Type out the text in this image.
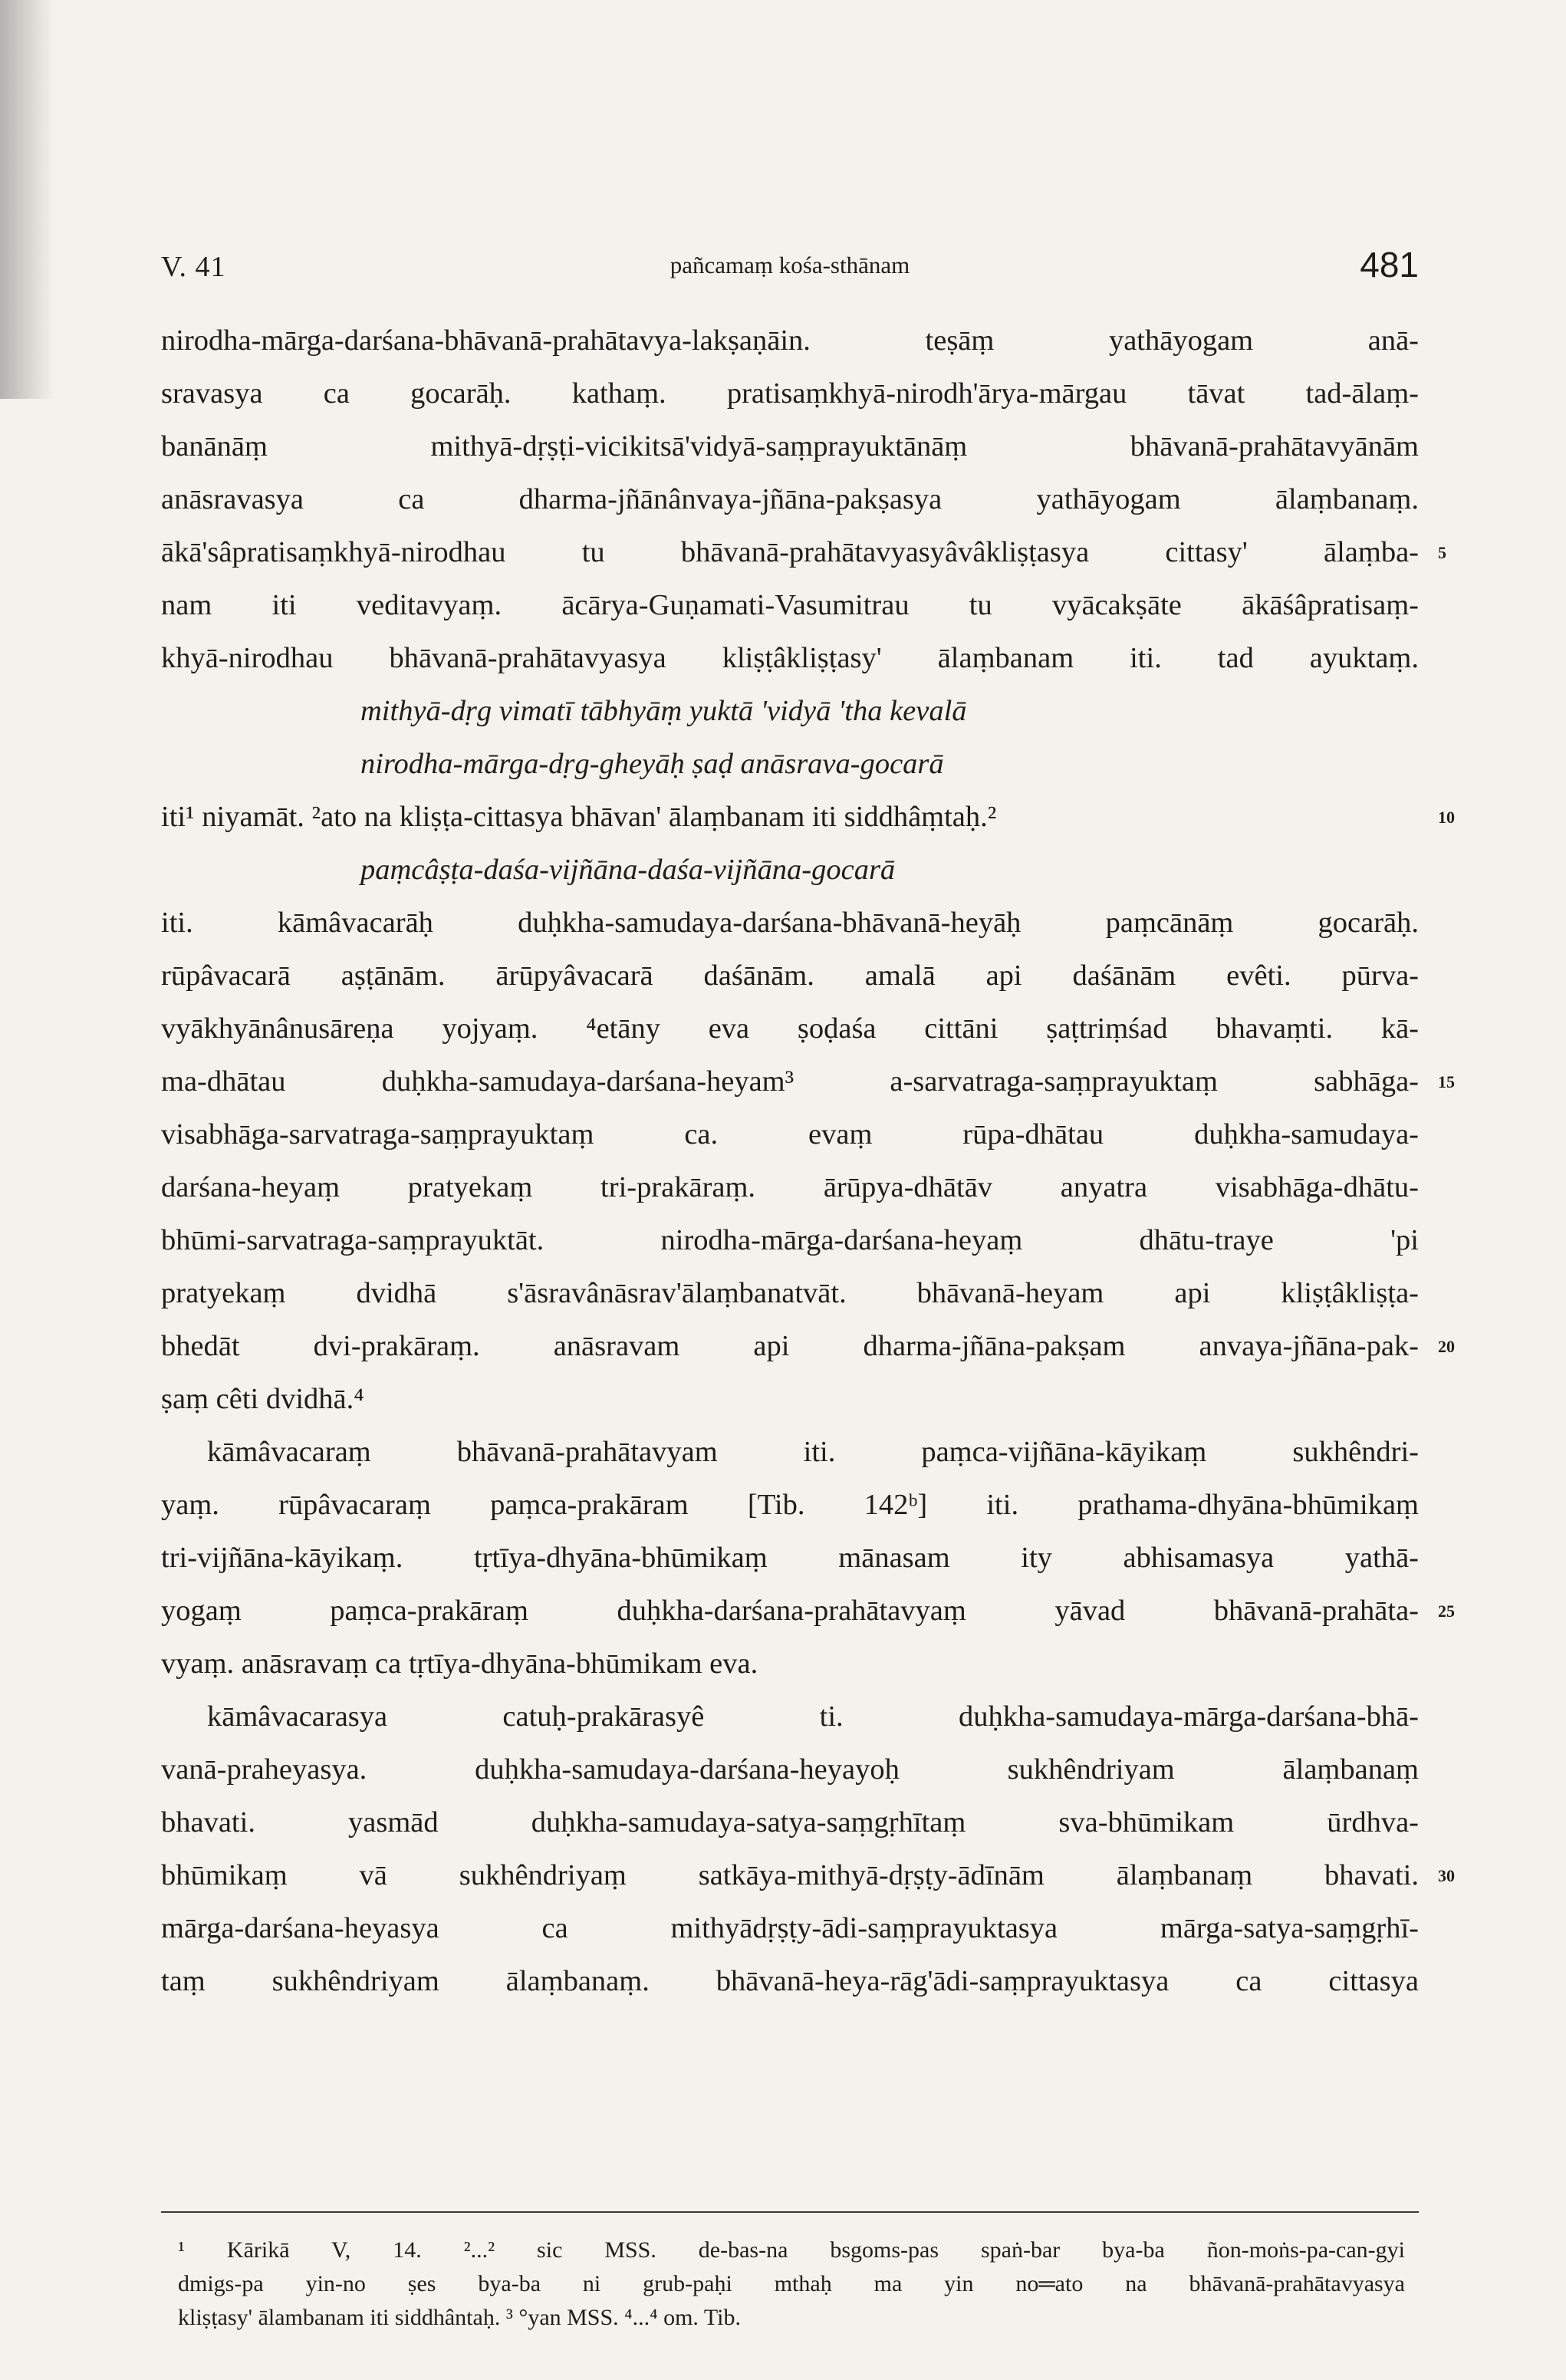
V. 41	pañcamaṃ kośa-sthānam	481
nirodha-mārga-darśana-bhāvanā-prahātavya-lakṣaṇāin. teṣāṃ yathāyogam anā-
sravasya ca gocarāḥ. kathaṃ. pratisaṃkhyā-nirodh'ārya-mārgau tāvat tad-ālaṃ-
banānāṃ mithyā-dṛṣṭi-vicikitsā'vidyā-saṃprayuktānāṃ bhāvanā-prahātavyānām
anāsravasya ca dharma-jñānânvaya-jñāna-pakṣasya yathāyogam ālaṃbanaṃ.
ākā'sâpratisaṃkhyā-nirodhau tu bhāvanā-prahātavyasyâvâkliṣṭasya cittasy' ālaṃba- 5
nam iti veditavyaṃ. ācārya-Guṇamati-Vasumitrau tu vyācakṣāte ākāśâpratisaṃ-
khyā-nirodhau bhāvanā-prahātavyasya kliṣṭâkliṣṭasy' ālaṃbanam iti. tad ayuktaṃ.
mithyā-dṛg vimatī tābhyāṃ yuktā 'vidyā 'tha kevalā
nirodha-mārga-dṛg-gheyāḥ ṣaḍ anāsrava-gocarā
iti¹ niyamāt. ²ato na kliṣṭa-cittasya bhāvan' ālaṃbanam iti siddhâṃtaḥ.²	10
paṃcâṣṭa-daśa-vijñāna-daśa-vijñāna-gocarā
iti. kāmâvacarāḥ duḥkha-samudaya-darśana-bhāvanā-heyāḥ paṃcānāṃ gocarāḥ.
rūpâvacarā aṣṭānām. ārūpyâvacarā daśānām. amalā api daśānām evêti. pūrva-
vyākhyānânusāreṇa yojyaṃ. ⁴etāny eva ṣoḍaśa cittāni ṣaṭtriṃśad bhavaṃti. kā-
ma-dhātau duḥkha-samudaya-darśana-heyam³ a-sarvatraga-saṃprayuktaṃ sabhāga- 15
visabhāga-sarvatraga-saṃprayuktaṃ ca. evaṃ rūpa-dhātau duḥkha-samudaya-
darśana-heyaṃ pratyekaṃ tri-prakāraṃ. ārūpya-dhātāv anyatra visabhāga-dhātu-
bhūmi-sarvatraga-saṃprayuktāt. nirodha-mārga-darśana-heyaṃ dhātu-traye 'pi
pratyekaṃ dvidhā s'āsravânāsrav'ālaṃbanatvāt. bhāvanā-heyam api kliṣṭâkliṣṭa-
bhedāt dvi-prakāraṃ. anāsravam api dharma-jñāna-pakṣam anvaya-jñāna-pak- 20
ṣaṃ cêti dvidhā.⁴
kāmâvacaraṃ bhāvanā-prahātavyam iti. paṃca-vijñāna-kāyikaṃ sukhêndri-
yaṃ. rūpâvacaraṃ paṃca-prakāram [Tib. 142ᵇ] iti. prathama-dhyāna-bhūmikaṃ
tri-vijñāna-kāyikaṃ. tṛtīya-dhyāna-bhūmikaṃ mānasam ity abhisamasya yathā-
yogaṃ paṃca-prakāraṃ duḥkha-darśana-prahātavyaṃ yāvad bhāvanā-prahāta- 25
vyaṃ. anāsravaṃ ca tṛtīya-dhyāna-bhūmikam eva.
kāmâvacarasya catuḥ-prakārasyê ti. duḥkha-samudaya-mārga-darśana-bhā-
vanā-praheyasya. duḥkha-samudaya-darśana-heyayoḥ sukhêndriyam ālaṃbanaṃ
bhavati. yasmād duḥkha-samudaya-satya-saṃgṛhītaṃ sva-bhūmikam ūrdhva-
bhūmikaṃ vā sukhêndriyaṃ satkāya-mithyā-dṛṣṭy-ādīnām ālaṃbanaṃ bhavati. 30
mārga-darśana-heyasya ca mithyādṛṣṭy-ādi-saṃprayuktasya mārga-satya-saṃgṛhī-
taṃ sukhêndriyam ālaṃbanaṃ. bhāvanā-heya-rāg'ādi-saṃprayuktasya ca cittasya
¹ Kārikā V, 14. ²...² sic MSS. de-bas-na bsgoms-pas spaṅ-bar bya-ba ñon-moṅs-pa-can-gyi
dmigs-pa yin-no ṣes bya-ba ni grub-paḥi mthaḥ ma yin no═ato na bhāvanā-prahātavyasya
kliṣṭasy' ālambanam iti siddhântaḥ. ³ °yan MSS. ⁴...⁴ om. Tib.
